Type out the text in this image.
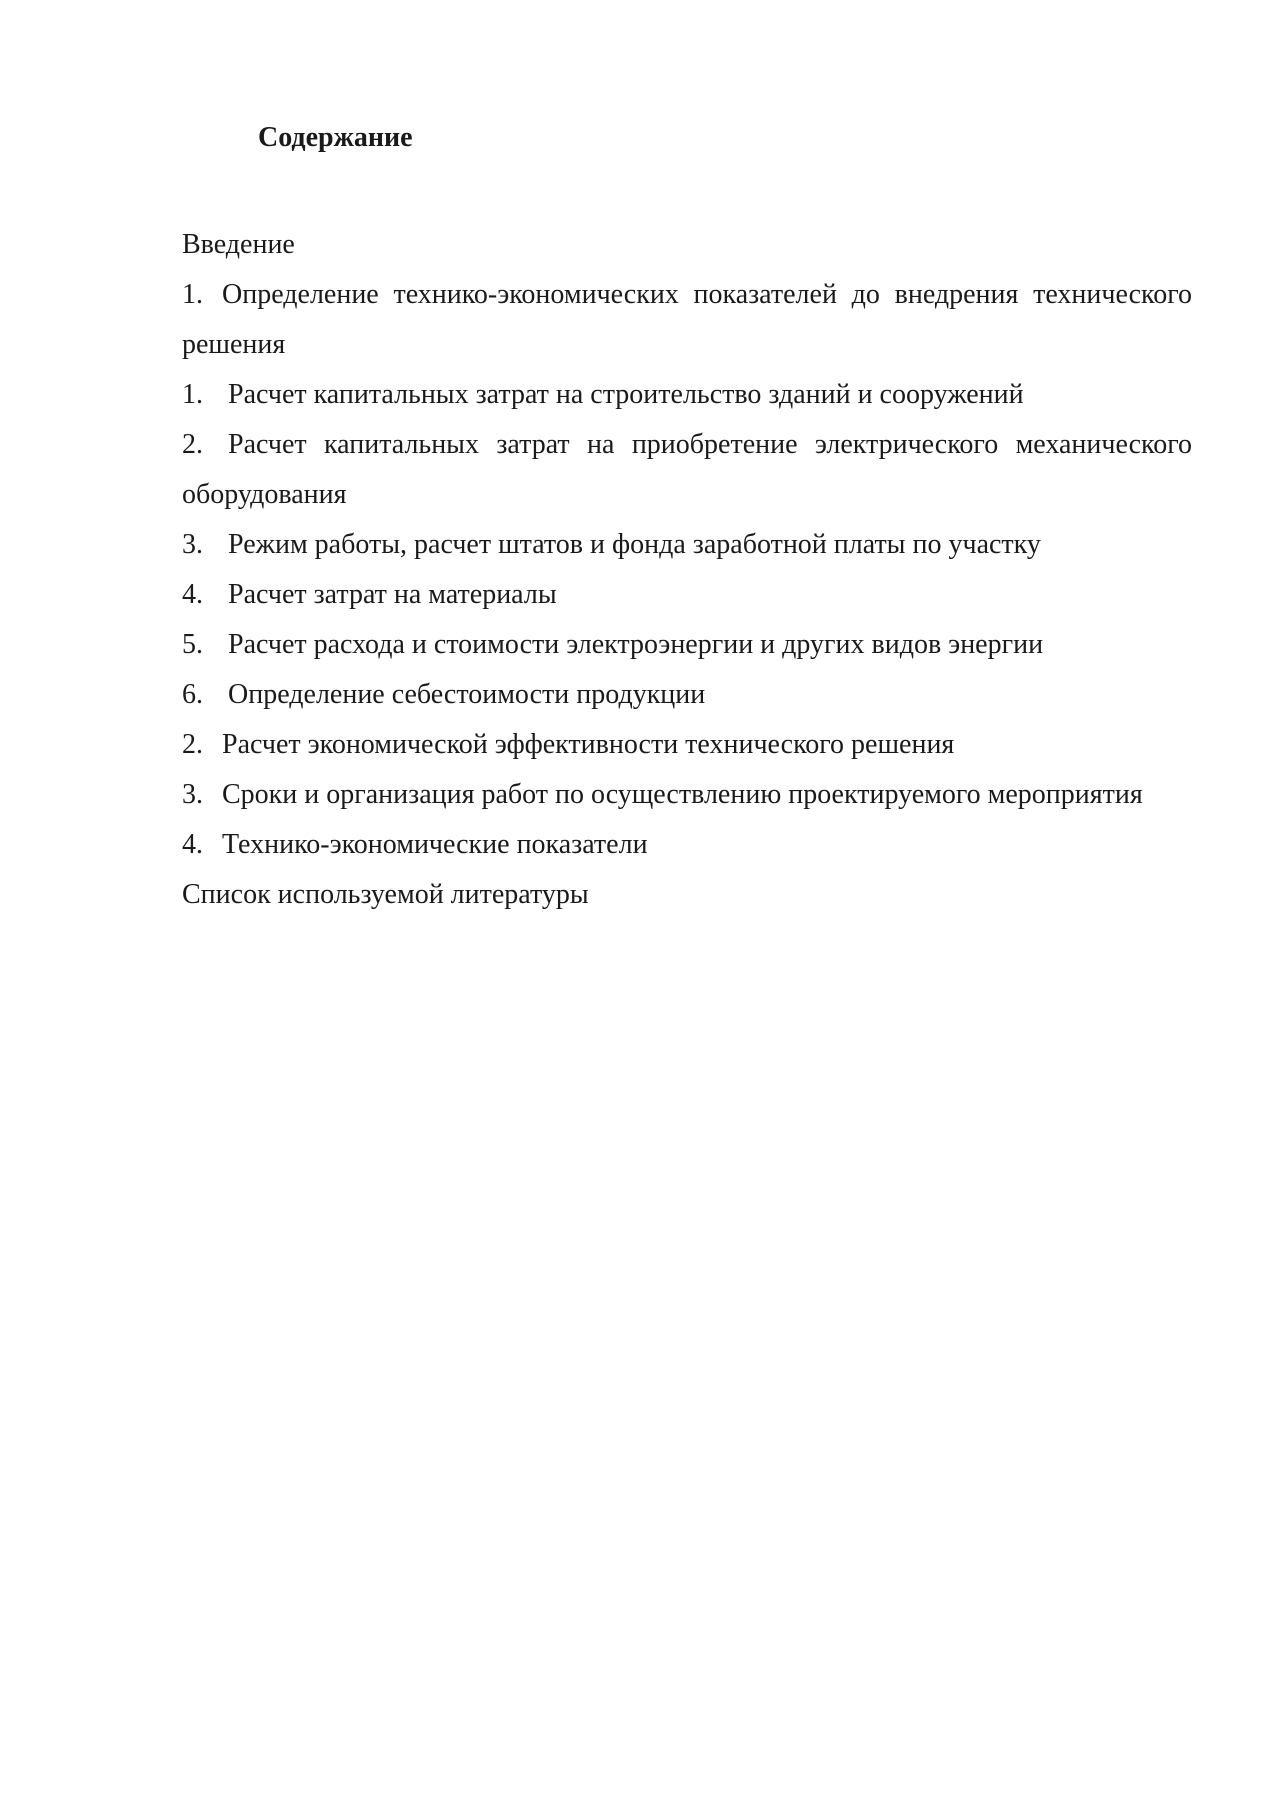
Содержание

Введение

1. Определение технико-экономических показателей до внедрения технического решения

1. Расчет капитальных затрат на строительство зданий и сооружений

2. Расчет капитальных затрат на приобретение электрического механического оборудования

3. Режим работы, расчет штатов и фонда заработной платы по участку

4. Расчет затрат на материалы

5. Расчет расхода и стоимости электроэнергии и других видов энергии

6. Определение себестоимости продукции

2. Расчет экономической эффективности технического решения

3. Сроки и организация работ по осуществлению проектируемого мероприятия

4. Технико-экономические показатели

Список используемой литературы
